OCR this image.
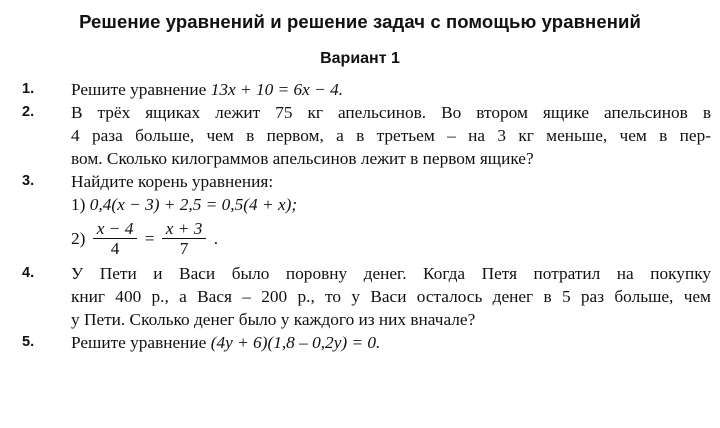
Решение уравнений и решение задач с помощью уравнений
Вариант 1
1. Решите уравнение 13x + 10 = 6x − 4.
2. В трёх ящиках лежит 75 кг апельсинов. Во втором ящике апельсинов в
4 раза больше, чем в первом, а в третьем – на 3 кг меньше, чем в пер-
вом. Сколько килограммов апельсинов лежит в первом ящике?
3. Найдите корень уравнения:
1) 0,4(x − 3) + 2,5 = 0,5(4 + x);
$2) \frac{x - 4}{4} = \frac{x + 3}{7}$ .
4. У Пети и Васи было поровну денег. Когда Петя потратил на покупку
книг 400 р., а Вася – 200 р., то у Васи осталось денег в 5 раз больше, чем
у Пети. Сколько денег было у каждого из них вначале?
5. Решите уравнение (4y + 6)(1,8 – 0,2y) = 0.
